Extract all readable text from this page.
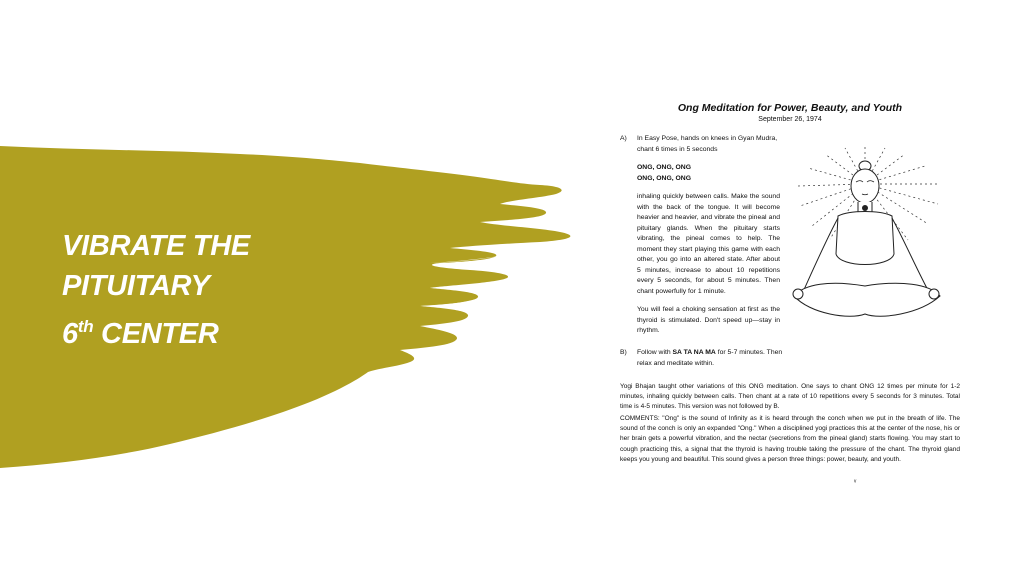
VIBRATE THE
PITUITARY
6th CENTER
Ong Meditation for Power, Beauty, and Youth
September 26, 1974
A) In Easy Pose, hands on knees in Gyan Mudra, chant 6 times in 5 seconds
ONG, ONG, ONG
ONG, ONG, ONG
inhaling quickly between calls. Make the sound with the back of the tongue. It will become heavier and heavier, and vibrate the pineal and pituitary glands. When the pituitary starts vibrating, the pineal comes to help. The moment they start playing this game with each other, you go into an altered state. After about 5 minutes, increase to about 10 repetitions every 5 seconds, for about 5 minutes. Then chant powerfully for 1 minute.
You will feel a choking sensation at first as the thyroid is stimulated. Don't speed up—stay in rhythm.
B) Follow with SA TA NA MA for 5-7 minutes. Then relax and meditate within.
Yogi Bhajan taught other variations of this ONG meditation. One says to chant ONG 12 times per minute for 1-2 minutes, inhaling quickly between calls. Then chant at a rate of 10 repetitions every 5 seconds for 3 minutes. Total time is 4-5 minutes. This version was not followed by B.
COMMENTS: "Ong" is the sound of Infinity as it is heard through the conch when we put in the breath of life. The sound of the conch is only an expanded "Ong." When a disciplined yogi practices this at the center of the nose, his or her brain gets a powerful vibration, and the nectar (secretions from the pineal gland) starts flowing. You may start to cough practicing this, a signal that the thyroid is having trouble taking the pressure of the chant. The thyroid gland keeps you young and beautiful. This sound gives a person three things: power, beauty, and youth.
ᵛ
